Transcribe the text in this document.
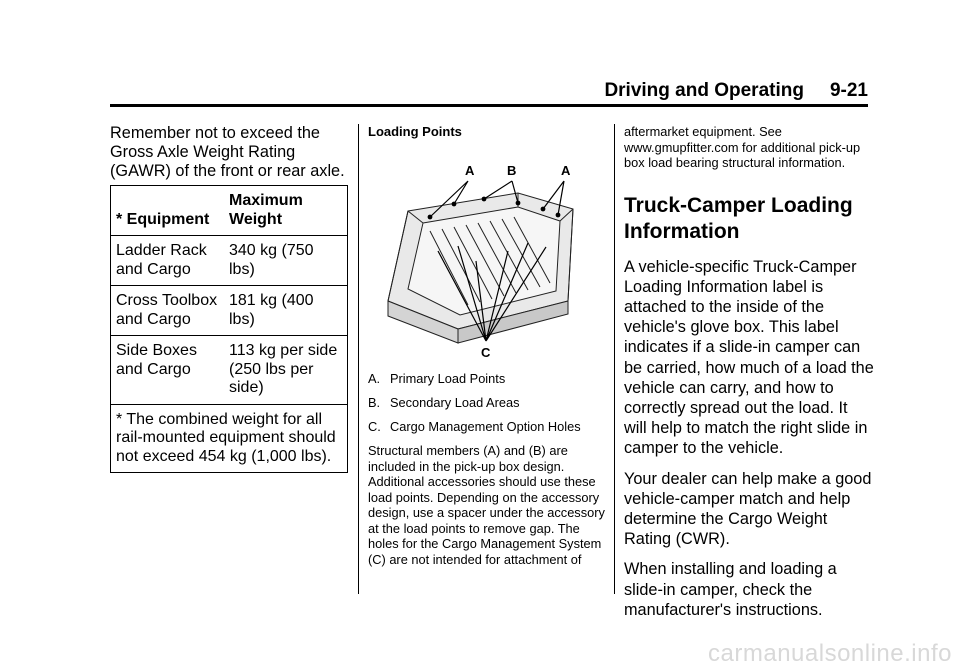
Driving and Operating 9-21

Remember not to exceed the Gross Axle Weight Rating (GAWR) of the front or rear axle.

* Equipment	Maximum Weight
Ladder Rack and Cargo	340 kg (750 lbs)
Cross Toolbox and Cargo	181 kg (400 lbs)
Side Boxes and Cargo	113 kg per side (250 lbs per side)
* The combined weight for all rail-mounted equipment should not exceed 454 kg (1,000 lbs).	

Loading Points

A	B	A
C
A. Primary Load Points
B. Secondary Load Areas
C. Cargo Management Option Holes

Structural members (A) and (B) are included in the pick-up box design. Additional accessories should use these load points. Depending on the accessory design, use a spacer under the accessory at the load points to remove gap. The holes for the Cargo Management System (C) are not intended for attachment of

aftermarket equipment. See www.gmupfitter.com for additional pick-up box load bearing structural information.

Truck-Camper Loading Information

A vehicle-specific Truck-Camper Loading Information label is attached to the inside of the vehicle's glove box. This label indicates if a slide-in camper can be carried, how much of a load the vehicle can carry, and how to correctly spread out the load. It will help to match the right slide in camper to the vehicle.

Your dealer can help make a good vehicle-camper match and help determine the Cargo Weight Rating (CWR).

When installing and loading a slide-in camper, check the manufacturer's instructions.

carmanualsonline.info
